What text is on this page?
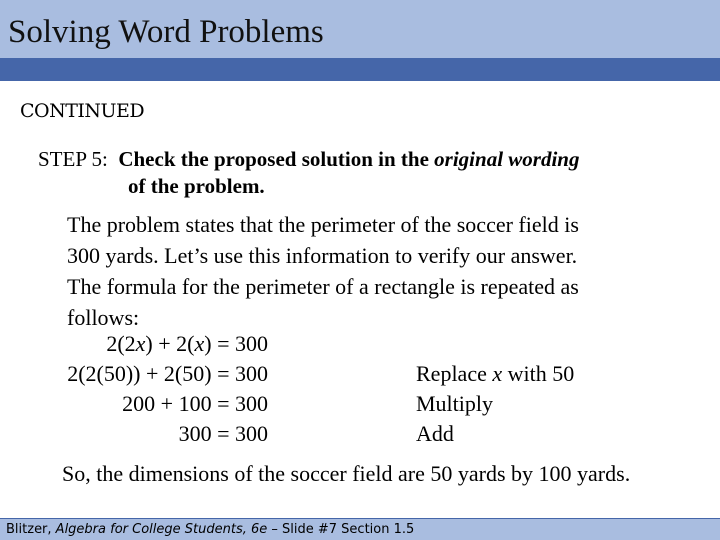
Solving Word Problems
CONTINUED
STEP 5: Check the proposed solution in the original wording
of the problem.
The problem states that the perimeter of the soccer field is
300 yards. Let’s use this information to verify our answer.
The formula for the perimeter of a rectangle is repeated as
follows:
2(2x) + 2(x) = 300
2(2(50)) + 2(50) = 300
200 + 100 = 300
300 = 300
Replace x with 50
Multiply
Add
So, the dimensions of the soccer field are 50 yards by 100 yards.
Blitzer, Algebra for College Students, 6e – Slide #7 Section 1.5
